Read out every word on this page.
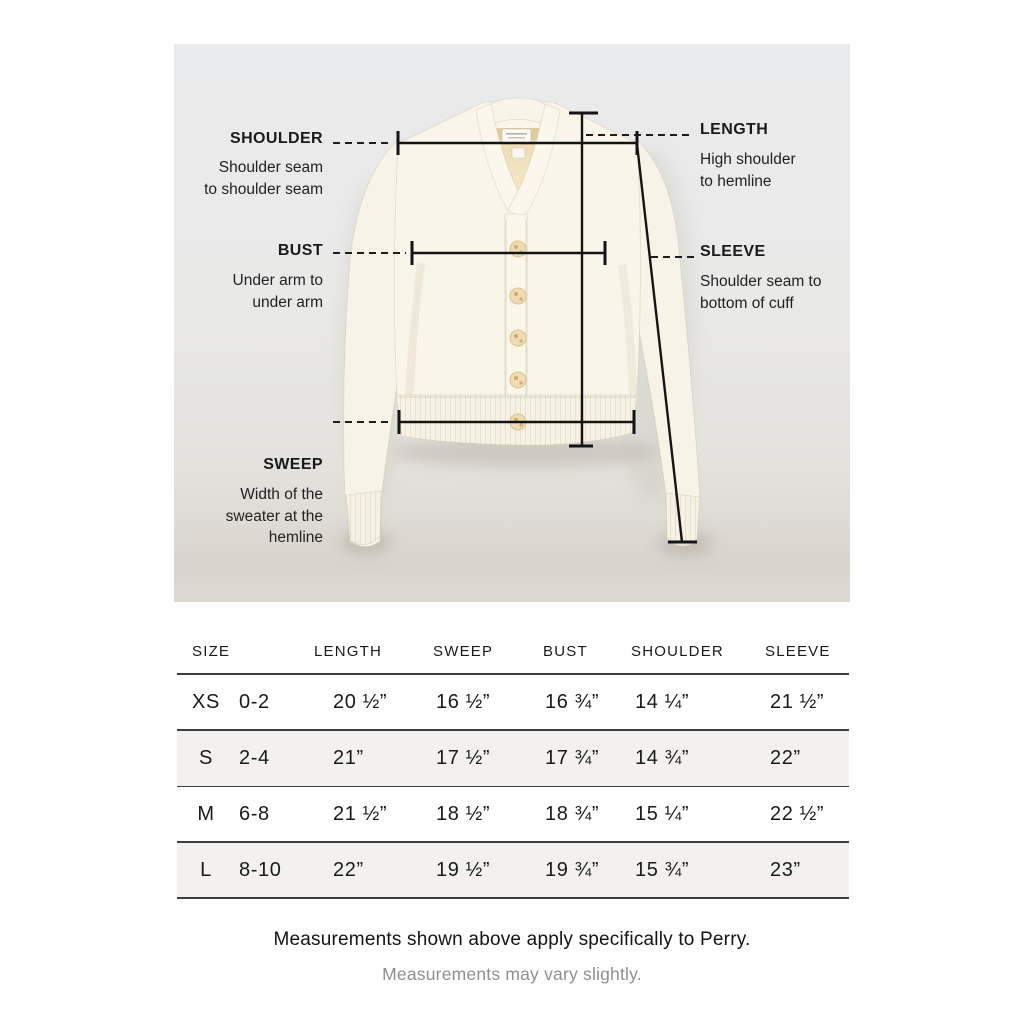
SHOULDER
Shoulder seam
to shoulder seam
BUST
Under arm to
under arm
SWEEP
Width of the
sweater at the
hemline
LENGTH
High shoulder
to hemline
SLEEVE
Shoulder seam to
bottom of cuff
SIZE	LENGTH	SWEEP	BUST	SHOULDER	SLEEVE
XS 0-2	20 ½”	16 ½”	16 ¾”	14 ¼”	21 ½”
S	2-4	21”	17 ½”	17 ¾”	14 ¾”	22”
M	6-8	21 ½”	18 ½”	18 ¾”	15 ¼”	22 ½”
L	8-10	22”	19 ½”	19 ¾”	15 ¾”	23”
Measurements shown above apply specifically to Perry.
Measurements may vary slightly.
